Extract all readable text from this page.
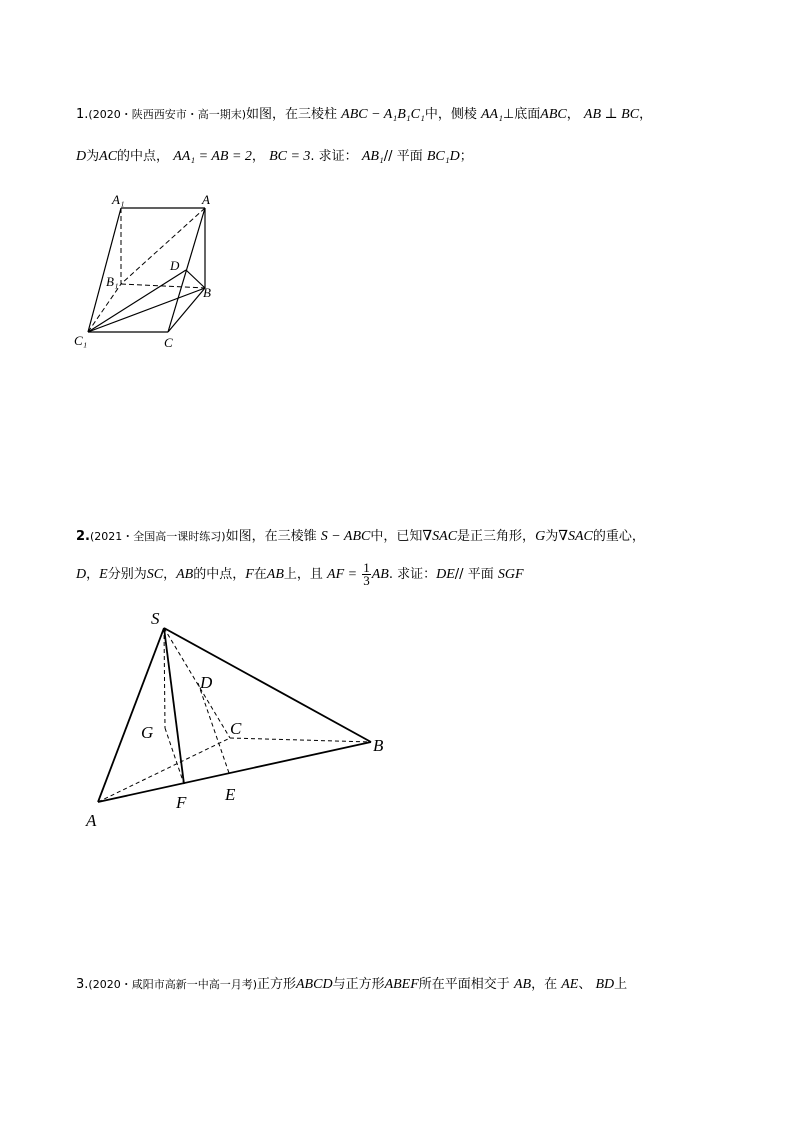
1.(2020・陕西西安市・高一期末)如图，在三棱柱 ABC − A₁B₁C₁中，侧棱 AA₁⊥底面ABC， AB ⊥ BC，
D为AC的中点， AA₁ = AB = 2， BC = 3. 求证： AB₁// 平面 BC₁D；
A₁	A
D
B₁
B
C₁	C
2.(2021・全国高一课时练习)如图，在三棱锥 S − ABC中，已知∇SAC是正三角形，G为∇SAC的重心，
D，E分别为SC，AB的中点，F在AB上，且 AF = $\frac{1}{3}$ AB. 求证：DE// 平面 SGF
S
D
G	C
B
A
F E
3.(2020・咸阳市高新一中高一月考)正方形ABCD与正方形ABEF所在平面相交于 AB，在 AE、 BD上
